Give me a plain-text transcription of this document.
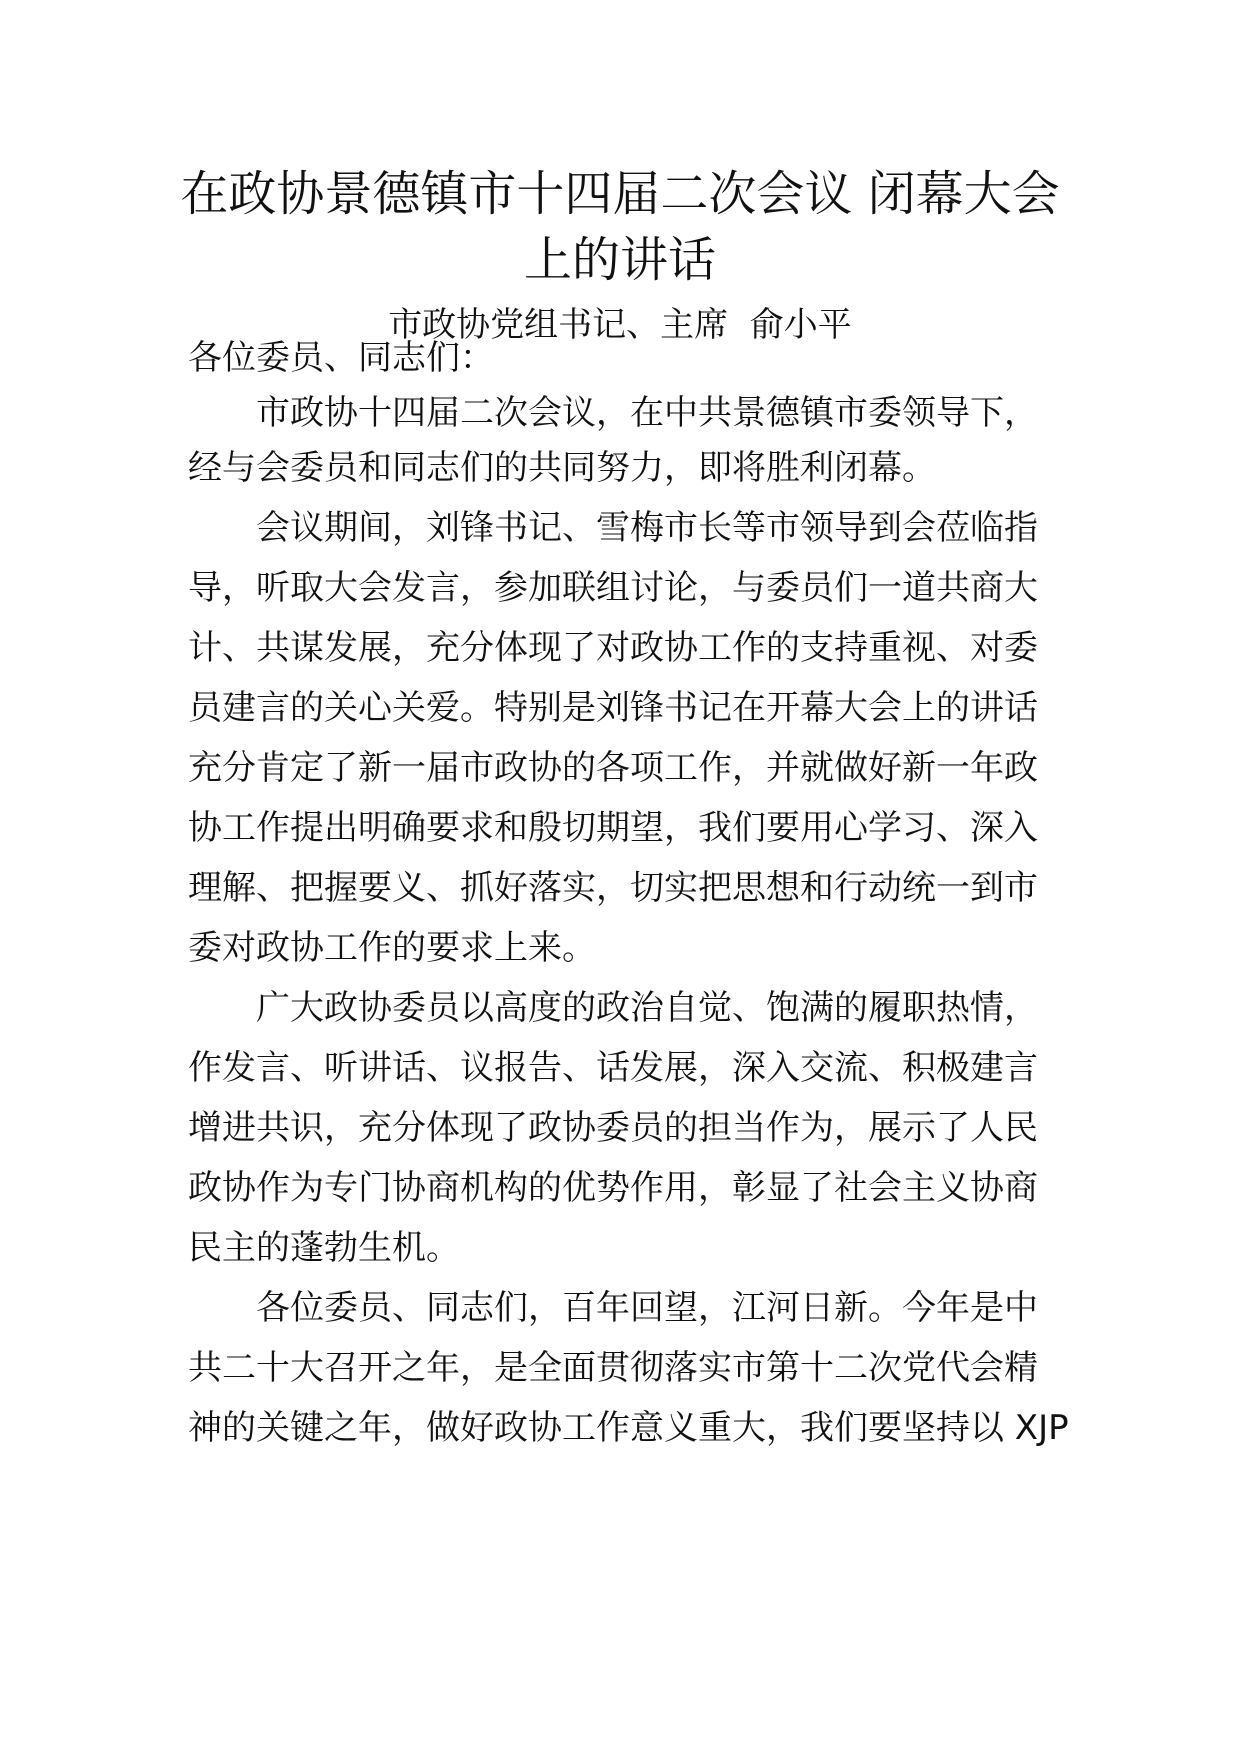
在政协景德镇市十四届二次会议 闭幕大会
上的讲话
市政协党组书记、主席  俞小平
各位委员、同志们：
市政协十四届二次会议，在中共景德镇市委领导下，
经与会委员和同志们的共同努力，即将胜利闭幕。
会议期间，刘锋书记、雪梅市长等市领导到会莅临指
导，听取大会发言，参加联组讨论，与委员们一道共商大
计、共谋发展，充分体现了对政协工作的支持重视、对委
员建言的关心关爱。特别是刘锋书记在开幕大会上的讲话
充分肯定了新一届市政协的各项工作，并就做好新一年政
协工作提出明确要求和殷切期望，我们要用心学习、深入
理解、把握要义、抓好落实，切实把思想和行动统一到市
委对政协工作的要求上来。
广大政协委员以高度的政治自觉、饱满的履职热情，
作发言、听讲话、议报告、话发展，深入交流、积极建言
增进共识，充分体现了政协委员的担当作为，展示了人民
政协作为专门协商机构的优势作用，彰显了社会主义协商
民主的蓬勃生机。
各位委员、同志们，百年回望，江河日新。今年是中
共二十大召开之年，是全面贯彻落实市第十二次党代会精
神的关键之年，做好政协工作意义重大，我们要坚持以 XJP
